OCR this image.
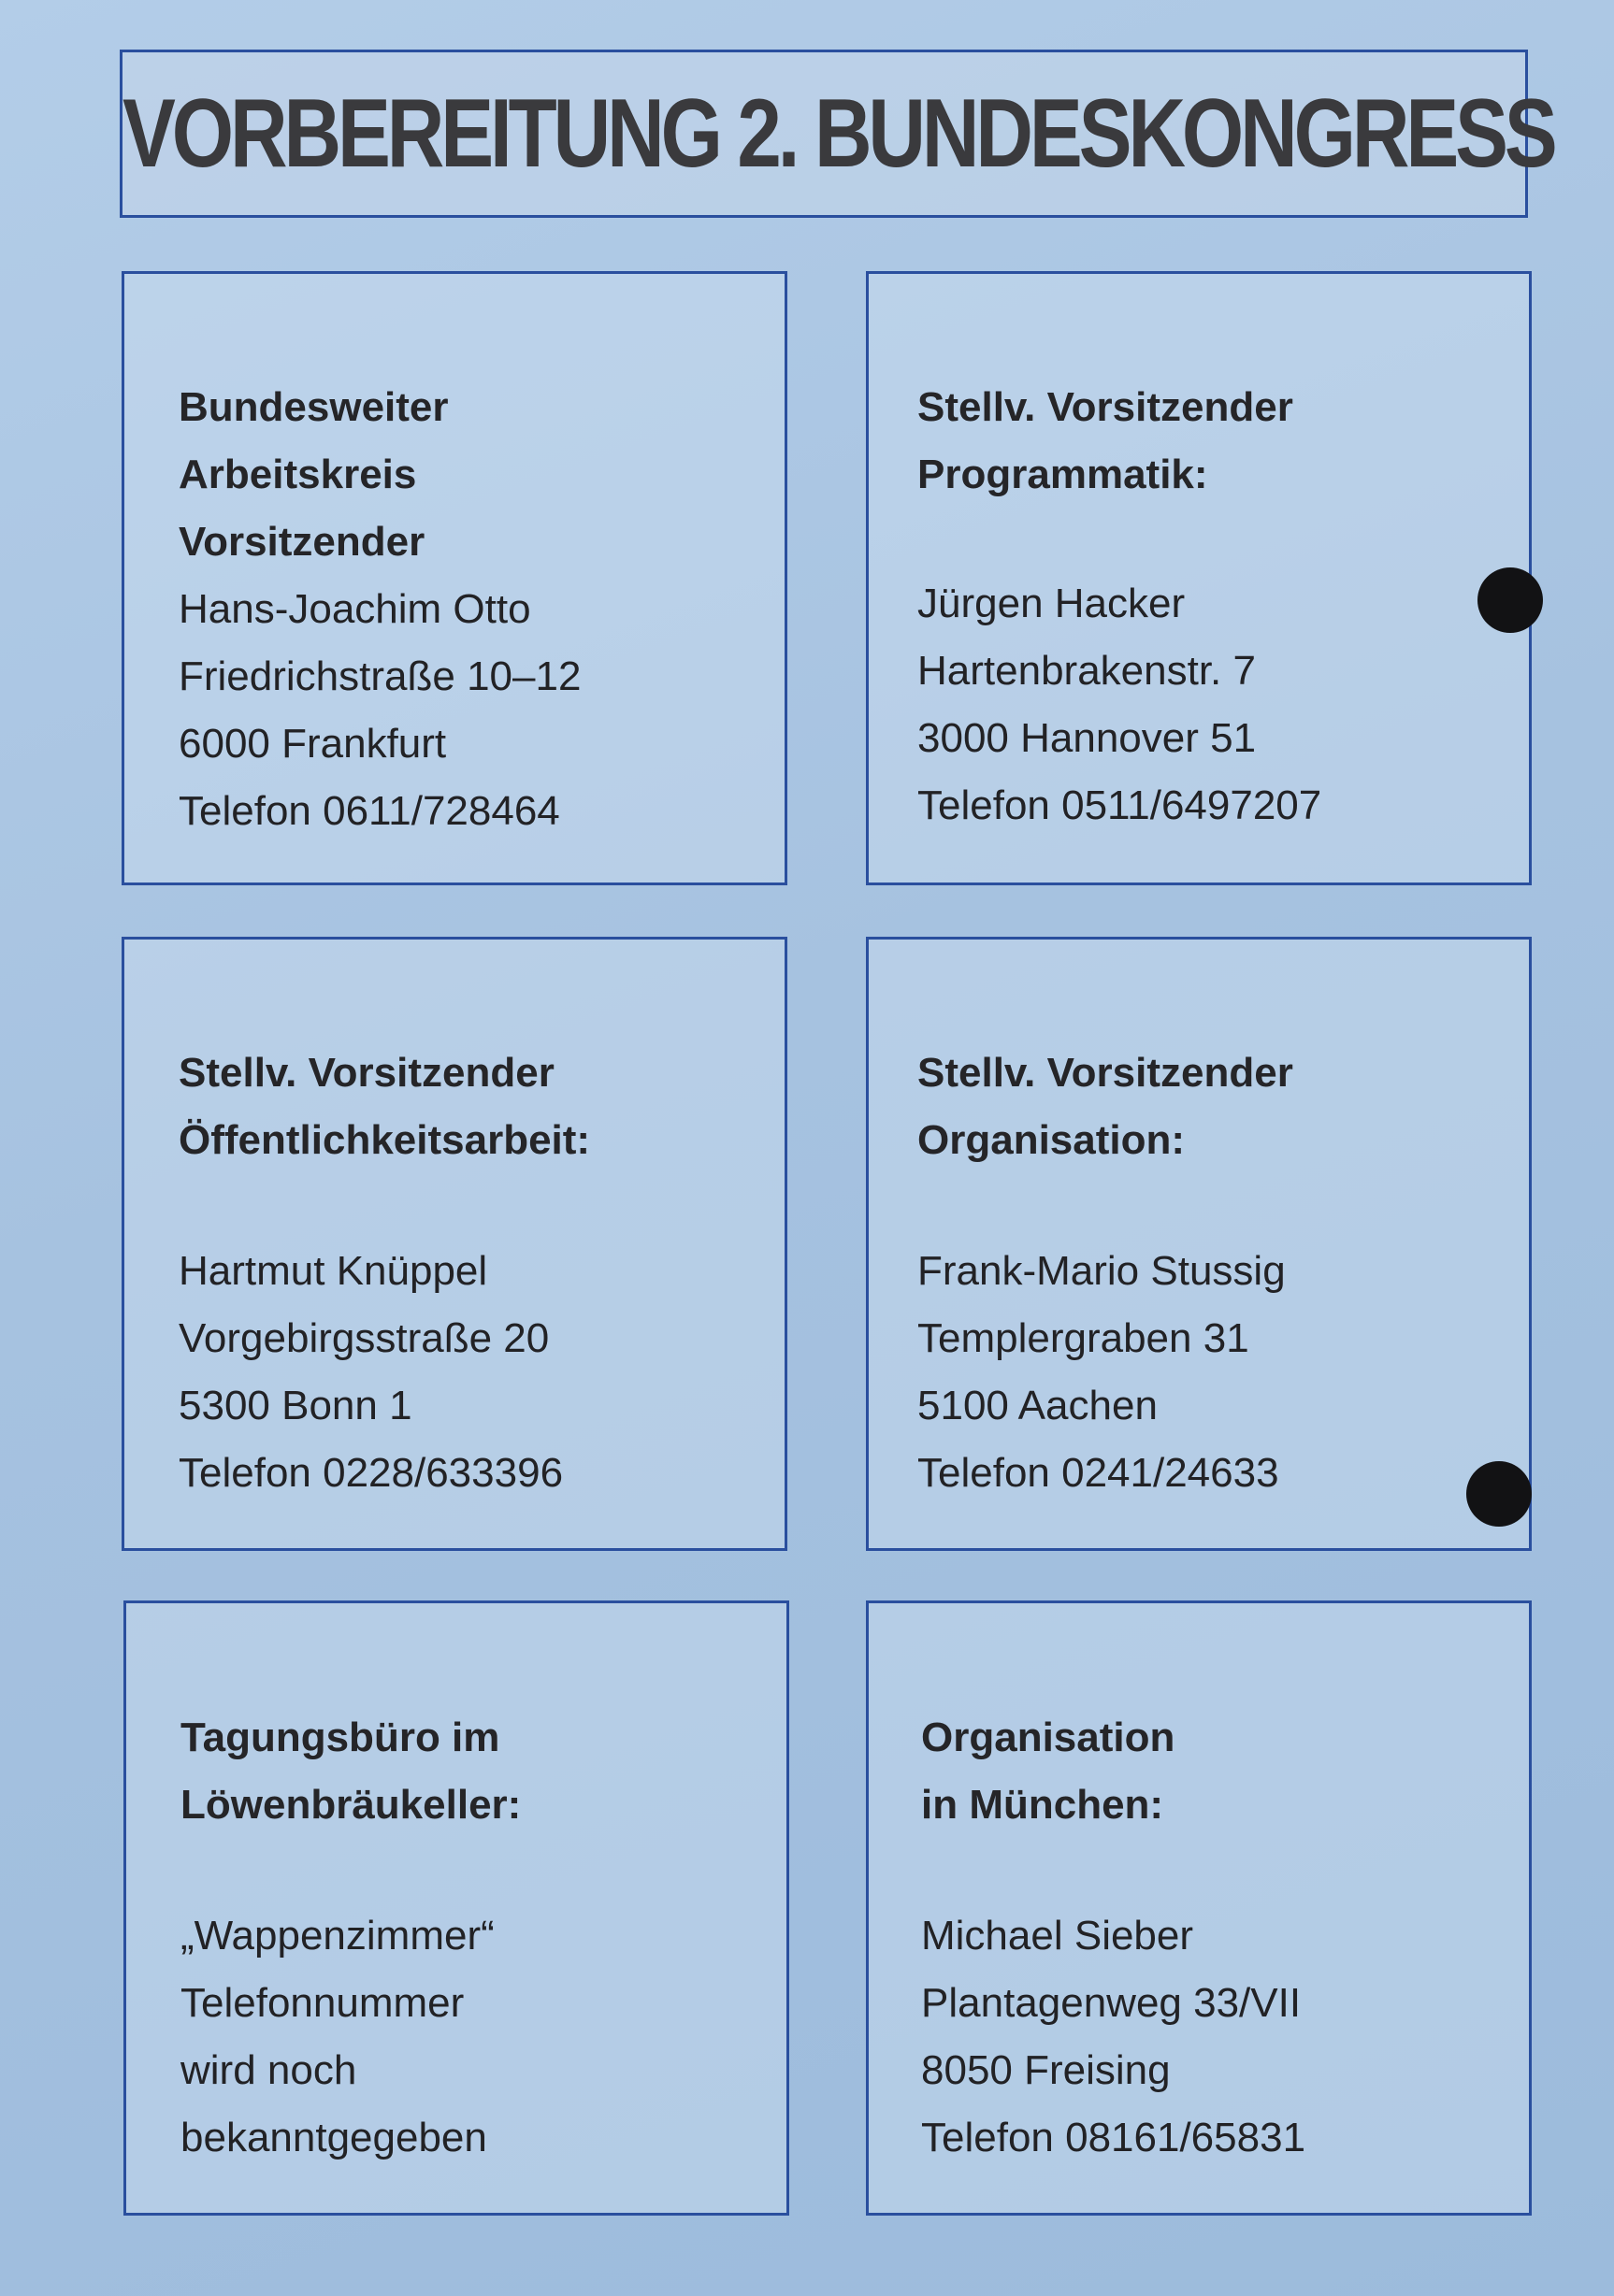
VORBEREITUNG 2. BUNDESKONGRESS
Bundesweiter
Arbeitskreis
Vorsitzender
Hans-Joachim Otto
Friedrichstraße 10–12
6000 Frankfurt
Telefon 0611/728464
Stellv. Vorsitzender
Programmatik:
Jürgen Hacker
Hartenbrakenstr. 7
3000 Hannover 51
Telefon 0511/6497207
Stellv. Vorsitzender
Öffentlichkeitsarbeit:
Hartmut Knüppel
Vorgebirgsstraße 20
5300 Bonn 1
Telefon 0228/633396
Stellv. Vorsitzender
Organisation:
Frank-Mario Stussig
Templergraben 31
5100 Aachen
Telefon 0241/24633
Tagungsbüro im
Löwenbräukeller:
„Wappenzimmer“
Telefonnummer
wird noch
bekanntgegeben
Organisation
in München:
Michael Sieber
Plantagenweg 33/VII
8050 Freising
Telefon 08161/65831
